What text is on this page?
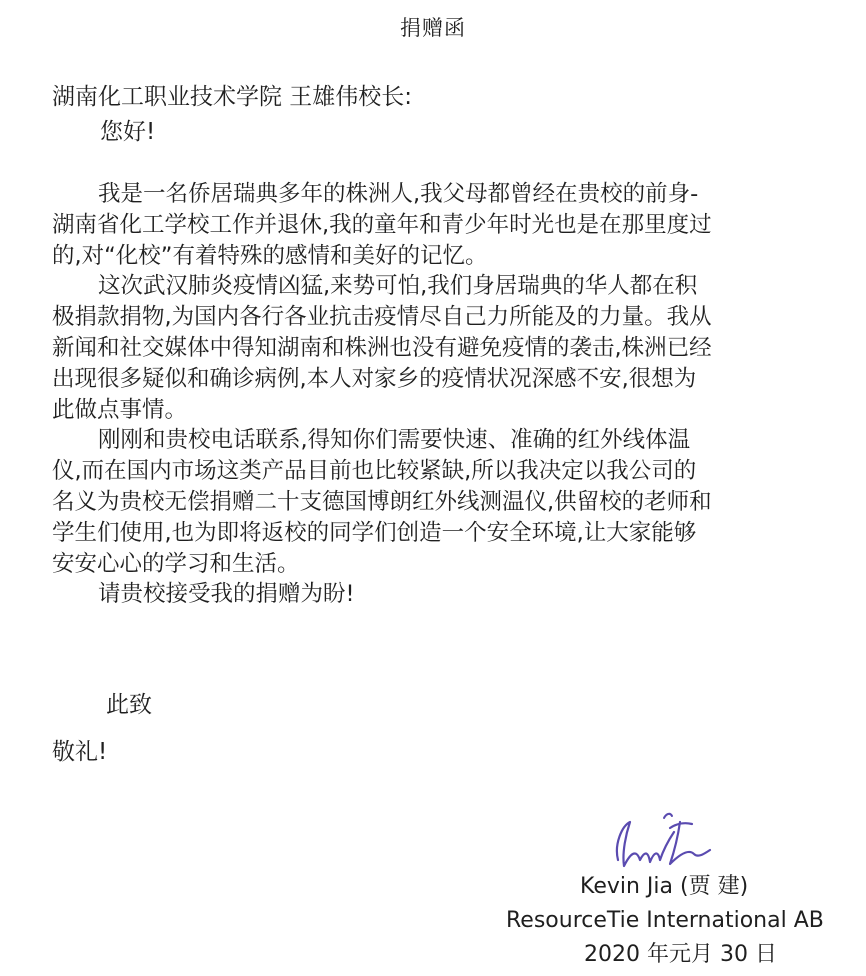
捐赠函
湖南化工职业技术学院 王雄伟校长:
您好!

我是一名侨居瑞典多年的株洲人,我父母都曾经在贵校的前身-
湖南省化工学校工作并退休,我的童年和青少年时光也是在那里度过
的,对“化校”有着特殊的感情和美好的记忆。

这次武汉肺炎疫情凶猛,来势可怕,我们身居瑞典的华人都在积
极捐款捐物,为国内各行各业抗击疫情尽自己力所能及的力量。我从
新闻和社交媒体中得知湖南和株洲也没有避免疫情的袭击,株洲已经
出现很多疑似和确诊病例,本人对家乡的疫情状况深感不安,很想为
此做点事情。

刚刚和贵校电话联系,得知你们需要快速、准确的红外线体温
仪,而在国内市场这类产品目前也比较紧缺,所以我决定以我公司的
名义为贵校无偿捐赠二十支德国博朗红外线测温仪,供留校的老师和
学生们使用,也为即将返校的同学们创造一个安全环境,让大家能够
安安心心的学习和生活。

请贵校接受我的捐赠为盼!

此致
敬礼!
Kevin Jia (贾 建)
ResourceTie International AB
2020 年元月 30 日
